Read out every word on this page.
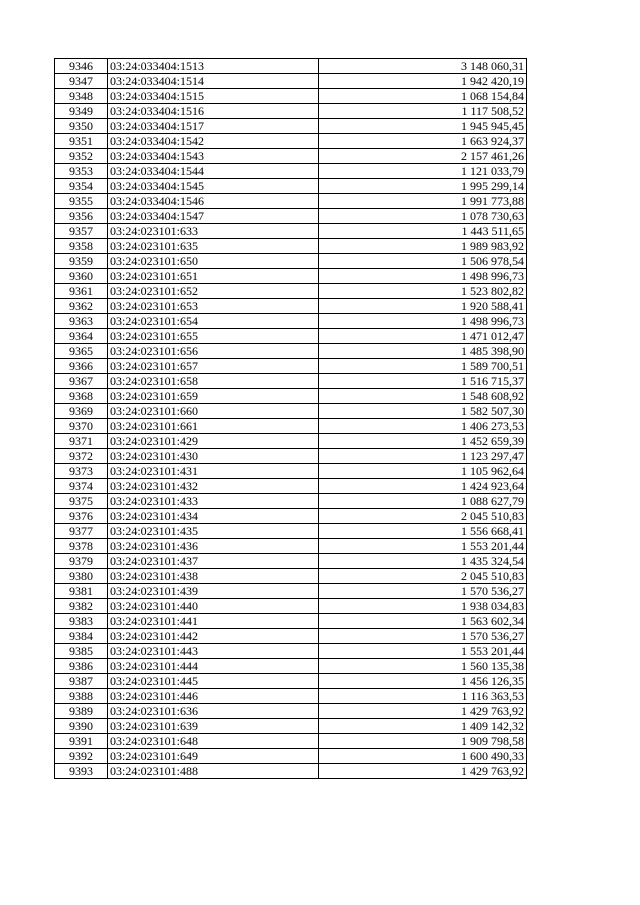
9346	03:24:033404:1513	3 148 060,31
9347	03:24:033404:1514	1 942 420,19
9348	03:24:033404:1515	1 068 154,84
9349	03:24:033404:1516	1 117 508,52
9350	03:24:033404:1517	1 945 945,45
9351	03:24:033404:1542	1 663 924,37
9352	03:24:033404:1543	2 157 461,26
9353	03:24:033404:1544	1 121 033,79
9354	03:24:033404:1545	1 995 299,14
9355	03:24:033404:1546	1 991 773,88
9356	03:24:033404:1547	1 078 730,63
9357	03:24:023101:633	1 443 511,65
9358	03:24:023101:635	1 989 983,92
9359	03:24:023101:650	1 506 978,54
9360	03:24:023101:651	1 498 996,73
9361	03:24:023101:652	1 523 802,82
9362	03:24:023101:653	1 920 588,41
9363	03:24:023101:654	1 498 996,73
9364	03:24:023101:655	1 471 012,47
9365	03:24:023101:656	1 485 398,90
9366	03:24:023101:657	1 589 700,51
9367	03:24:023101:658	1 516 715,37
9368	03:24:023101:659	1 548 608,92
9369	03:24:023101:660	1 582 507,30
9370	03:24:023101:661	1 406 273,53
9371	03:24:023101:429	1 452 659,39
9372	03:24:023101:430	1 123 297,47
9373	03:24:023101:431	1 105 962,64
9374	03:24:023101:432	1 424 923,64
9375	03:24:023101:433	1 088 627,79
9376	03:24:023101:434	2 045 510,83
9377	03:24:023101:435	1 556 668,41
9378	03:24:023101:436	1 553 201,44
9379	03:24:023101:437	1 435 324,54
9380	03:24:023101:438	2 045 510,83
9381	03:24:023101:439	1 570 536,27
9382	03:24:023101:440	1 938 034,83
9383	03:24:023101:441	1 563 602,34
9384	03:24:023101:442	1 570 536,27
9385	03:24:023101:443	1 553 201,44
9386	03:24:023101:444	1 560 135,38
9387	03:24:023101:445	1 456 126,35
9388	03:24:023101:446	1 116 363,53
9389	03:24:023101:636	1 429 763,92
9390	03:24:023101:639	1 409 142,32
9391	03:24:023101:648	1 909 798,58
9392	03:24:023101:649	1 600 490,33
9393	03:24:023101:488	1 429 763,92
